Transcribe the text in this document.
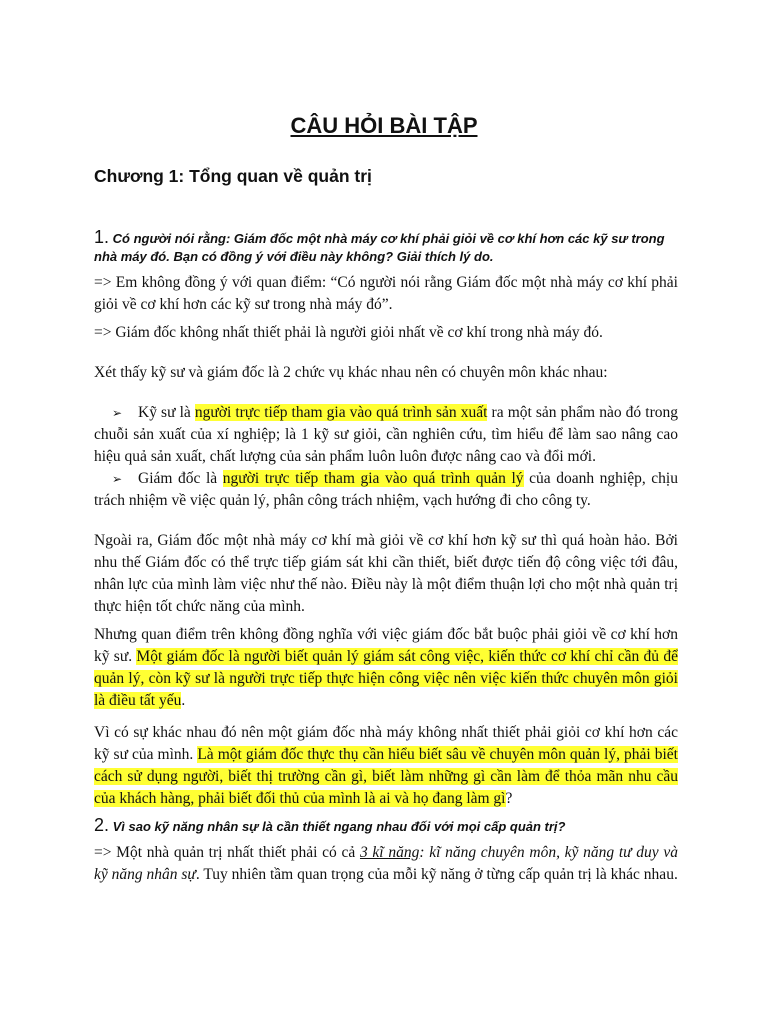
CÂU HỎI BÀI TẬP
Chương 1: Tổng quan về quản trị
1. Có người nói rằng: Giám đốc một nhà máy cơ khí phải giỏi về cơ khí hơn các kỹ sư trong nhà máy đó. Bạn có đồng ý với điều này không? Giải thích lý do.

=> Em không đồng ý với quan điểm: “Có người nói rằng Giám đốc một nhà máy cơ khí phải giỏi về cơ khí hơn các kỹ sư trong nhà máy đó”.

=> Giám đốc không nhất thiết phải là người giỏi nhất về cơ khí trong nhà máy đó.

Xét thấy kỹ sư và giám đốc là 2 chức vụ khác nhau nên có chuyên môn khác nhau:

➢ Kỹ sư là người trực tiếp tham gia vào quá trình sản xuất ra một sản phẩm nào đó trong chuỗi sản xuất của xí nghiệp; là 1 kỹ sư giỏi, cần nghiên cứu, tìm hiểu để làm sao nâng cao hiệu quả sản xuất, chất lượng của sản phẩm luôn luôn được nâng cao và đổi mới.

➢ Giám đốc là người trực tiếp tham gia vào quá trình quản lý của doanh nghiệp, chịu trách nhiệm về việc quản lý, phân công trách nhiệm, vạch hướng đi cho công ty.

Ngoài ra, Giám đốc một nhà máy cơ khí mà giỏi về cơ khí hơn kỹ sư thì quá hoàn hảo. Bởi nhu thế Giám đốc có thể trực tiếp giám sát khi cần thiết, biết được tiến độ công việc tới đâu, nhân lực của mình làm việc như thế nào. Điều này là một điểm thuận lợi cho một nhà quản trị thực hiện tốt chức năng của mình.

Nhưng quan điểm trên không đồng nghĩa với việc giám đốc bắt buộc phải giỏi về cơ khí hơn kỹ sư. Một giám đốc là người biết quản lý giám sát công việc, kiến thức cơ khí chỉ cần đủ để quản lý, còn kỹ sư là người trực tiếp thực hiện công việc nên việc kiến thức chuyên môn giỏi là điều tất yếu.

Vì có sự khác nhau đó nên một giám đốc nhà máy không nhất thiết phải giỏi cơ khí hơn các kỹ sư của mình. Là một giám đốc thực thụ cần hiểu biết sâu về chuyên môn quản lý, phải biết cách sử dụng người, biết thị trường cần gì, biết làm những gì cần làm để thỏa mãn nhu cầu của khách hàng, phải biết đối thủ của mình là ai và họ đang làm gì?

2. Vì sao kỹ năng nhân sự là cần thiết ngang nhau đối với mọi cấp quản trị?

=> Một nhà quản trị nhất thiết phải có cả 3 kĩ năng: kĩ năng chuyên môn, kỹ năng tư duy và kỹ năng nhân sự. Tuy nhiên tầm quan trọng của mỗi kỹ năng ở từng cấp quản trị là khác nhau.
